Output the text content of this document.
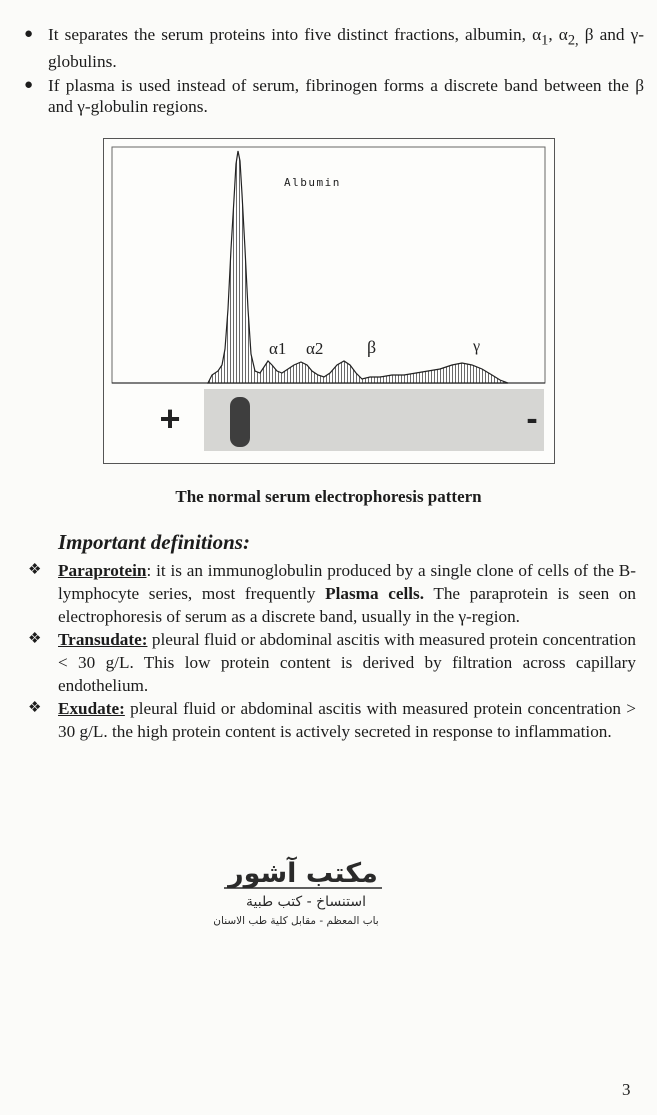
● It separates the serum proteins into five distinct fractions, albumin, $\alpha_1$, $\alpha_{2,}$ β and γ-globulins.
● If plasma is used instead of serum, fibrinogen forms a discrete band between the β and γ-globulin regions.
Albumin
α1 α2 β	γ
+	-
The normal serum electrophoresis pattern
Important definitions:
❖ Paraprotein: it is an immunoglobulin produced by a single clone of cells of the B-lymphocyte series, most frequently Plasma cells. The paraprotein is seen on electrophoresis of serum as a discrete band, usually in the γ-region.
❖ Transudate: pleural fluid or abdominal ascitis with measured protein concentration < 30 g/L. This low protein content is derived by filtration across capillary endothelium.
❖ Exudate: pleural fluid or abdominal ascitis with measured protein concentration > 30 g/L. the high protein content is actively secreted in response to inflammation.
مكتب آشور
استنساخ - كتب طبية
باب المعظم - مقابل كلية طب الاسنان
3
